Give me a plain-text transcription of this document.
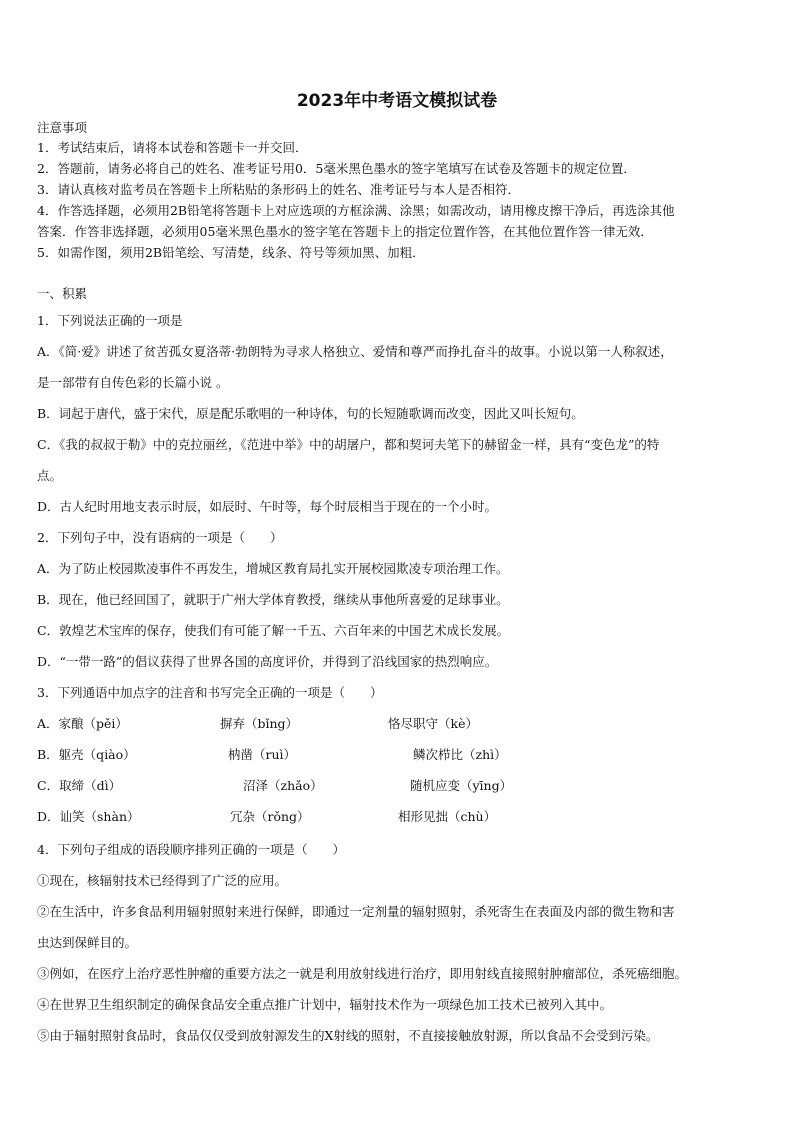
2023年中考语文模拟试卷
注意事项
1．考试结束后，请将本试卷和答题卡一并交回．
2．答题前，请务必将自己的姓名、准考证号用0．5毫米黑色墨水的签字笔填写在试卷及答题卡的规定位置．
3．请认真核对监考员在答题卡上所粘贴的条形码上的姓名、准考证号与本人是否相符．
4．作答选择题，必须用2B铅笔将答题卡上对应选项的方框涂满、涂黑；如需改动，请用橡皮擦干净后，再选涂其他
答案．作答非选择题，必须用05毫米黑色墨水的签字笔在答题卡上的指定位置作答，在其他位置作答一律无效．
5．如需作图，须用2B铅笔绘、写清楚，线条、符号等须加黑、加粗．
一、积累
1．下列说法正确的一项是
A．《简·爱》讲述了贫苦孤女夏洛蒂·勃朗特为寻求人格独立、爱情和尊严而挣扎奋斗的故事。小说以第一人称叙述，
是一部带有自传色彩的长篇小说 。
B．词起于唐代，盛于宋代，原是配乐歌唱的一种诗体，句的长短随歌调而改变，因此又叫长短句。
C．《我的叔叔于勒》中的克拉丽丝，《范进中举》中的胡屠户，都和契诃夫笔下的赫留金一样，具有“变色龙”的特
点。
D．古人纪时用地支表示时辰，如辰时、午时等，每个时辰相当于现在的一个小时。
2．下列句子中，没有语病的一项是（　　）
A．为了防止校园欺凌事件不再发生，增城区教育局扎实开展校园欺凌专项治理工作。
B．现在，他已经回国了，就职于广州大学体育教授，继续从事他所喜爱的足球事业。
C．敦煌艺术宝库的保存，使我们有可能了解一千五、六百年来的中国艺术成长发展。
D．“一带一路”的倡议获得了世界各国的高度评价，并得到了沿线国家的热烈响应。
3．下列通语中加点字的注音和书写完全正确的一项是（　　）
A．家酿（pěi）	摒弃（bǐng）	恪尽职守（kè）
B．躯壳（qiào）	枘凿（ruì）	鳞次栉比（zhì）
C．取缔（dì）	沼泽（zhǎo）	随机应变（yīng）
D．讪笑（shàn）	冗杂（rǒng）	相形见拙（chù）
4．下列句子组成的语段顺序排列正确的一项是（　　）
①现在，核辐射技术已经得到了广泛的应用。
②在生活中，许多食品利用辐射照射来进行保鲜，即通过一定剂量的辐射照射，杀死寄生在表面及内部的微生物和害
虫达到保鲜目的。
③例如，在医疗上治疗恶性肿瘤的重要方法之一就是利用放射线进行治疗，即用射线直接照射肿瘤部位，杀死癌细胞。
④在世界卫生组织制定的确保食品安全重点推广计划中，辐射技术作为一项绿色加工技术已被列入其中。
⑤由于辐射照射食品时，食品仅仅受到放射源发生的X射线的照射，不直接接触放射源，所以食品不会受到污染。
